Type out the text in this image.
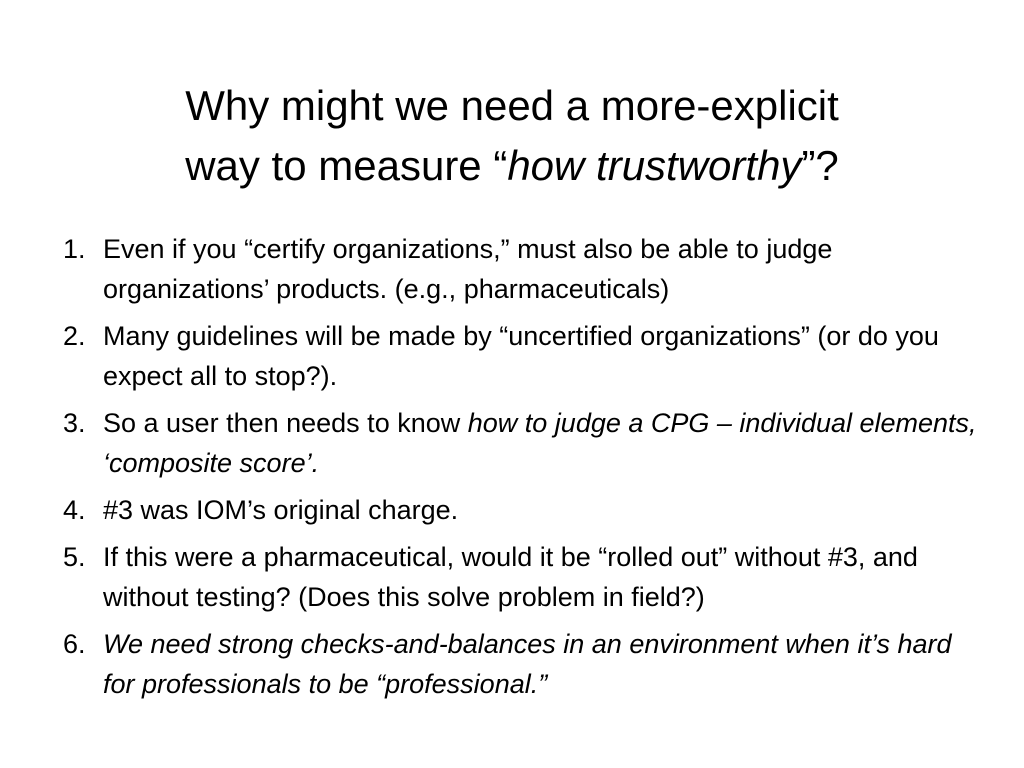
Why might we need a more-explicit
way to measure “how trustworthy”?
1. Even if you “certify organizations,” must also be able to judge organizations’ products. (e.g., pharmaceuticals)
2. Many guidelines will be made by “uncertified organizations” (or do you expect all to stop?).
3. So a user then needs to know how to judge a CPG – individual elements, ‘composite score’.
4. #3 was IOM’s original charge.
5. If this were a pharmaceutical, would it be “rolled out” without #3, and without testing? (Does this solve problem in field?)
6. We need strong checks-and-balances in an environment when it’s hard for professionals to be “professional.”
